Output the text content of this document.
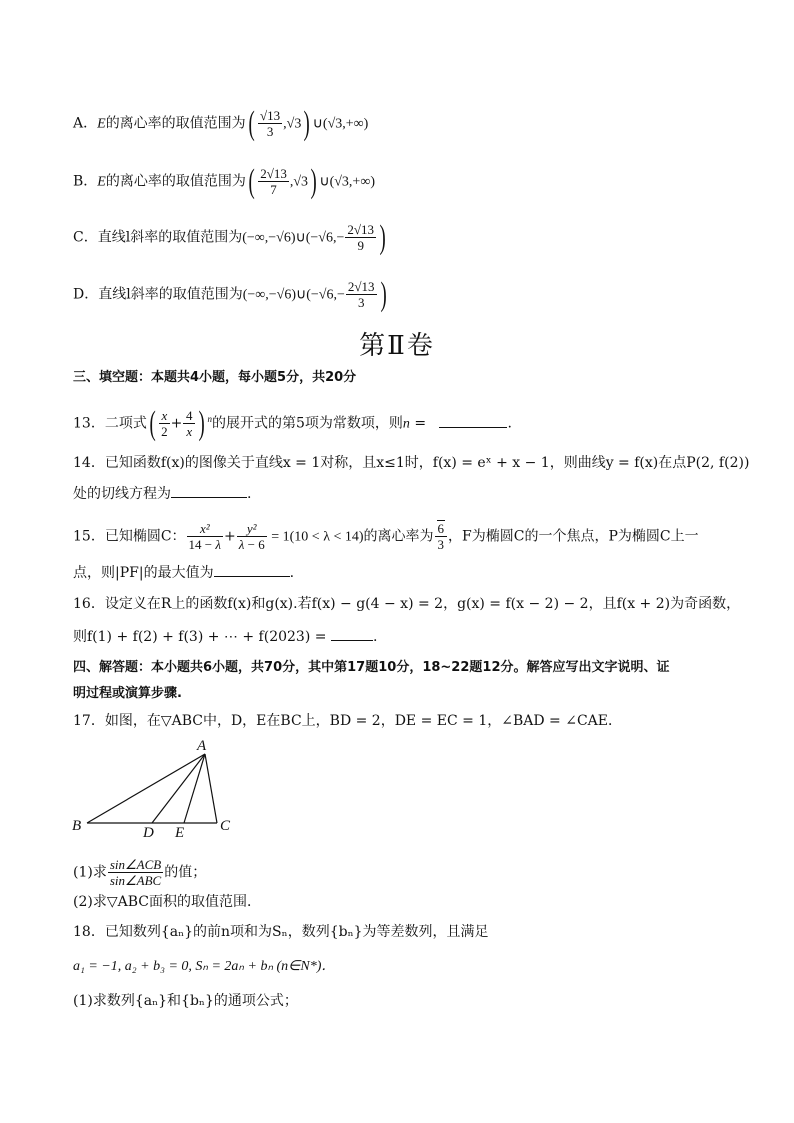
A．E的离心率的取值范围为( $\frac{√13}{3} ,√3$) ∪(√3,+∞)
B．E的离心率的取值范围为( $\frac{2√13}{7} ,√3$) ∪(√3,+∞)
C．直线l斜率的取值范围为(−∞,−√6)∪(−√6,− $\frac{2√13}{9}$ )
D．直线l斜率的取值范围为(−∞,−√6)∪(−√6,− $\frac{2√13}{3}$ )
第Ⅱ卷
三、填空题：本题共4小题，每小题5分，共20分
13．二项式( $\frac{x}{2} + \frac{4}{x}$ ) $^n$的展开式的第5项为常数项，则n =	.
14．已知函数f(x)的图像关于直线x = 1对称，且x≤1时，f(x) = eˣ + x − 1，则曲线y = f(x)在点P(2, f(2))
处的切线方程为	.
15．已知椭圆C： $\frac{\text{x²}}{14 - \lambda} + \frac{\text{y²}}{\lambda - 6} = 1(10 < \lambda < 14)$的离心率为 $\frac{6}{3}$ ，F为椭圆C的一个焦点，P为椭圆C上一
点，则|PF|的最大值为	.
16．设定义在R上的函数f(x)和g(x).若f(x) − g(4 − x) = 2，g(x) = f(x − 2) − 2，且f(x + 2)为奇函数，
则f(1) + f(2) + f(3) + ⋯ + f(2023) =	.
四、解答题：本小题共6小题，共70分，其中第17题10分，18~22题12分。解答应写出文字说明、证
明过程或演算步骤.
17．如图，在▽ABC中，D，E在BC上，BD = 2，DE = EC = 1，∠BAD = ∠CAE．
A
B	C
D E
(1)求 $\frac{\text{sin∠ACB}}{\text{sin∠ABC}}$ 的值；
(2)求▽ABC面积的取值范围．
18．已知数列{aₙ}的前n项和为Sₙ，数列{bₙ}为等差数列，且满足
a₁ = −1, a₂ + b₃ = 0, Sₙ = 2aₙ + bₙ (n∈N*)．
(1)求数列{aₙ}和{bₙ}的通项公式；
